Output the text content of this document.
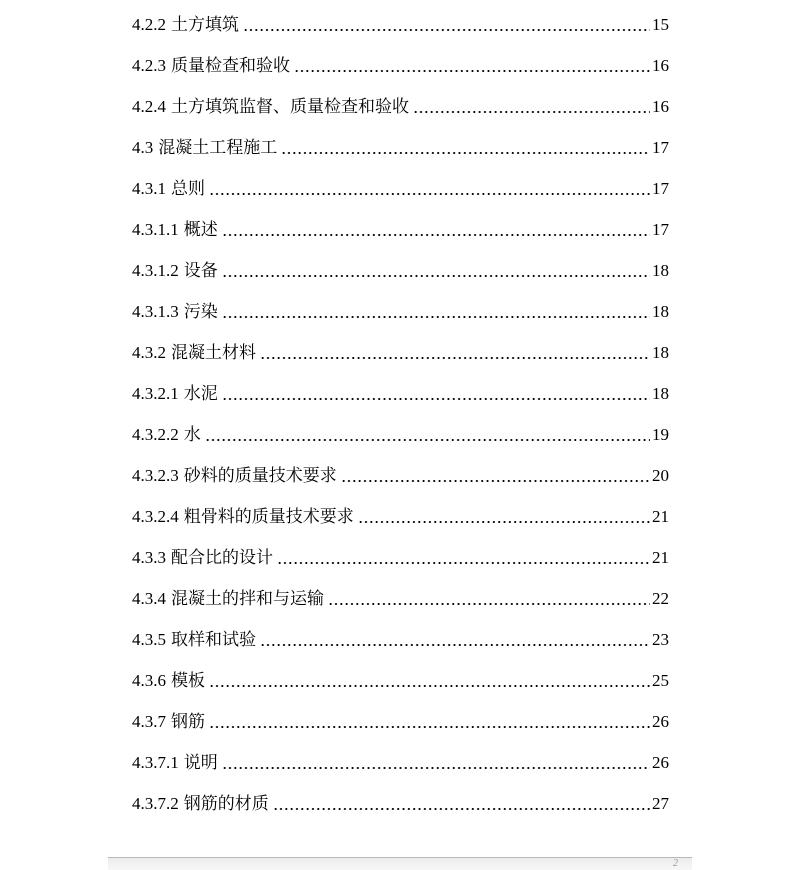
4.2.2 土方填筑	15
4.2.3 质量检查和验收	16
4.2.4 土方填筑监督、质量检查和验收	16
4.3 混凝土工程施工	17
4.3.1 总则	17
4.3.1.1 概述	17
4.3.1.2 设备	18
4.3.1.3 污染	18
4.3.2 混凝土材料	18
4.3.2.1 水泥	18
4.3.2.2 水	19
4.3.2.3 砂料的质量技术要求	20
4.3.2.4 粗骨料的质量技术要求	21
4.3.3 配合比的设计	21
4.3.4 混凝土的拌和与运输	22
4.3.5 取样和试验	23
4.3.6 模板	25
4.3.7 钢筋	26
4.3.7.1 说明	26
4.3.7.2 钢筋的材质	27
2
